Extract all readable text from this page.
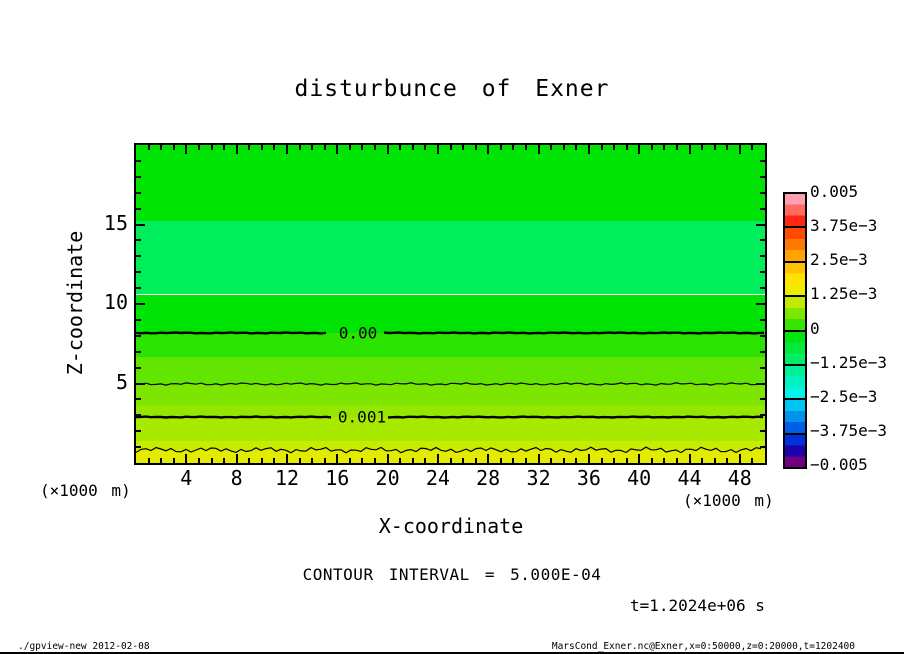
disturbunce of Exner
Z-coordinate
5
10
15
0.00
0.001
4 8 12 16 20 24 28 32 36 40 44 48
(×1000 m)
(×1000 m)
X-coordinate
0.005
3.75e−3
2.5e−3
1.25e−3
0
−1.25e−3
−2.5e−3
−3.75e−3
−0.005
CONTOUR INTERVAL = 5.000E-04
t=1.2024e+06 s
./gpview-new 2012-02-08	MarsCond_Exner.nc@Exner,x=0:50000,z=0:20000,t=1202400
